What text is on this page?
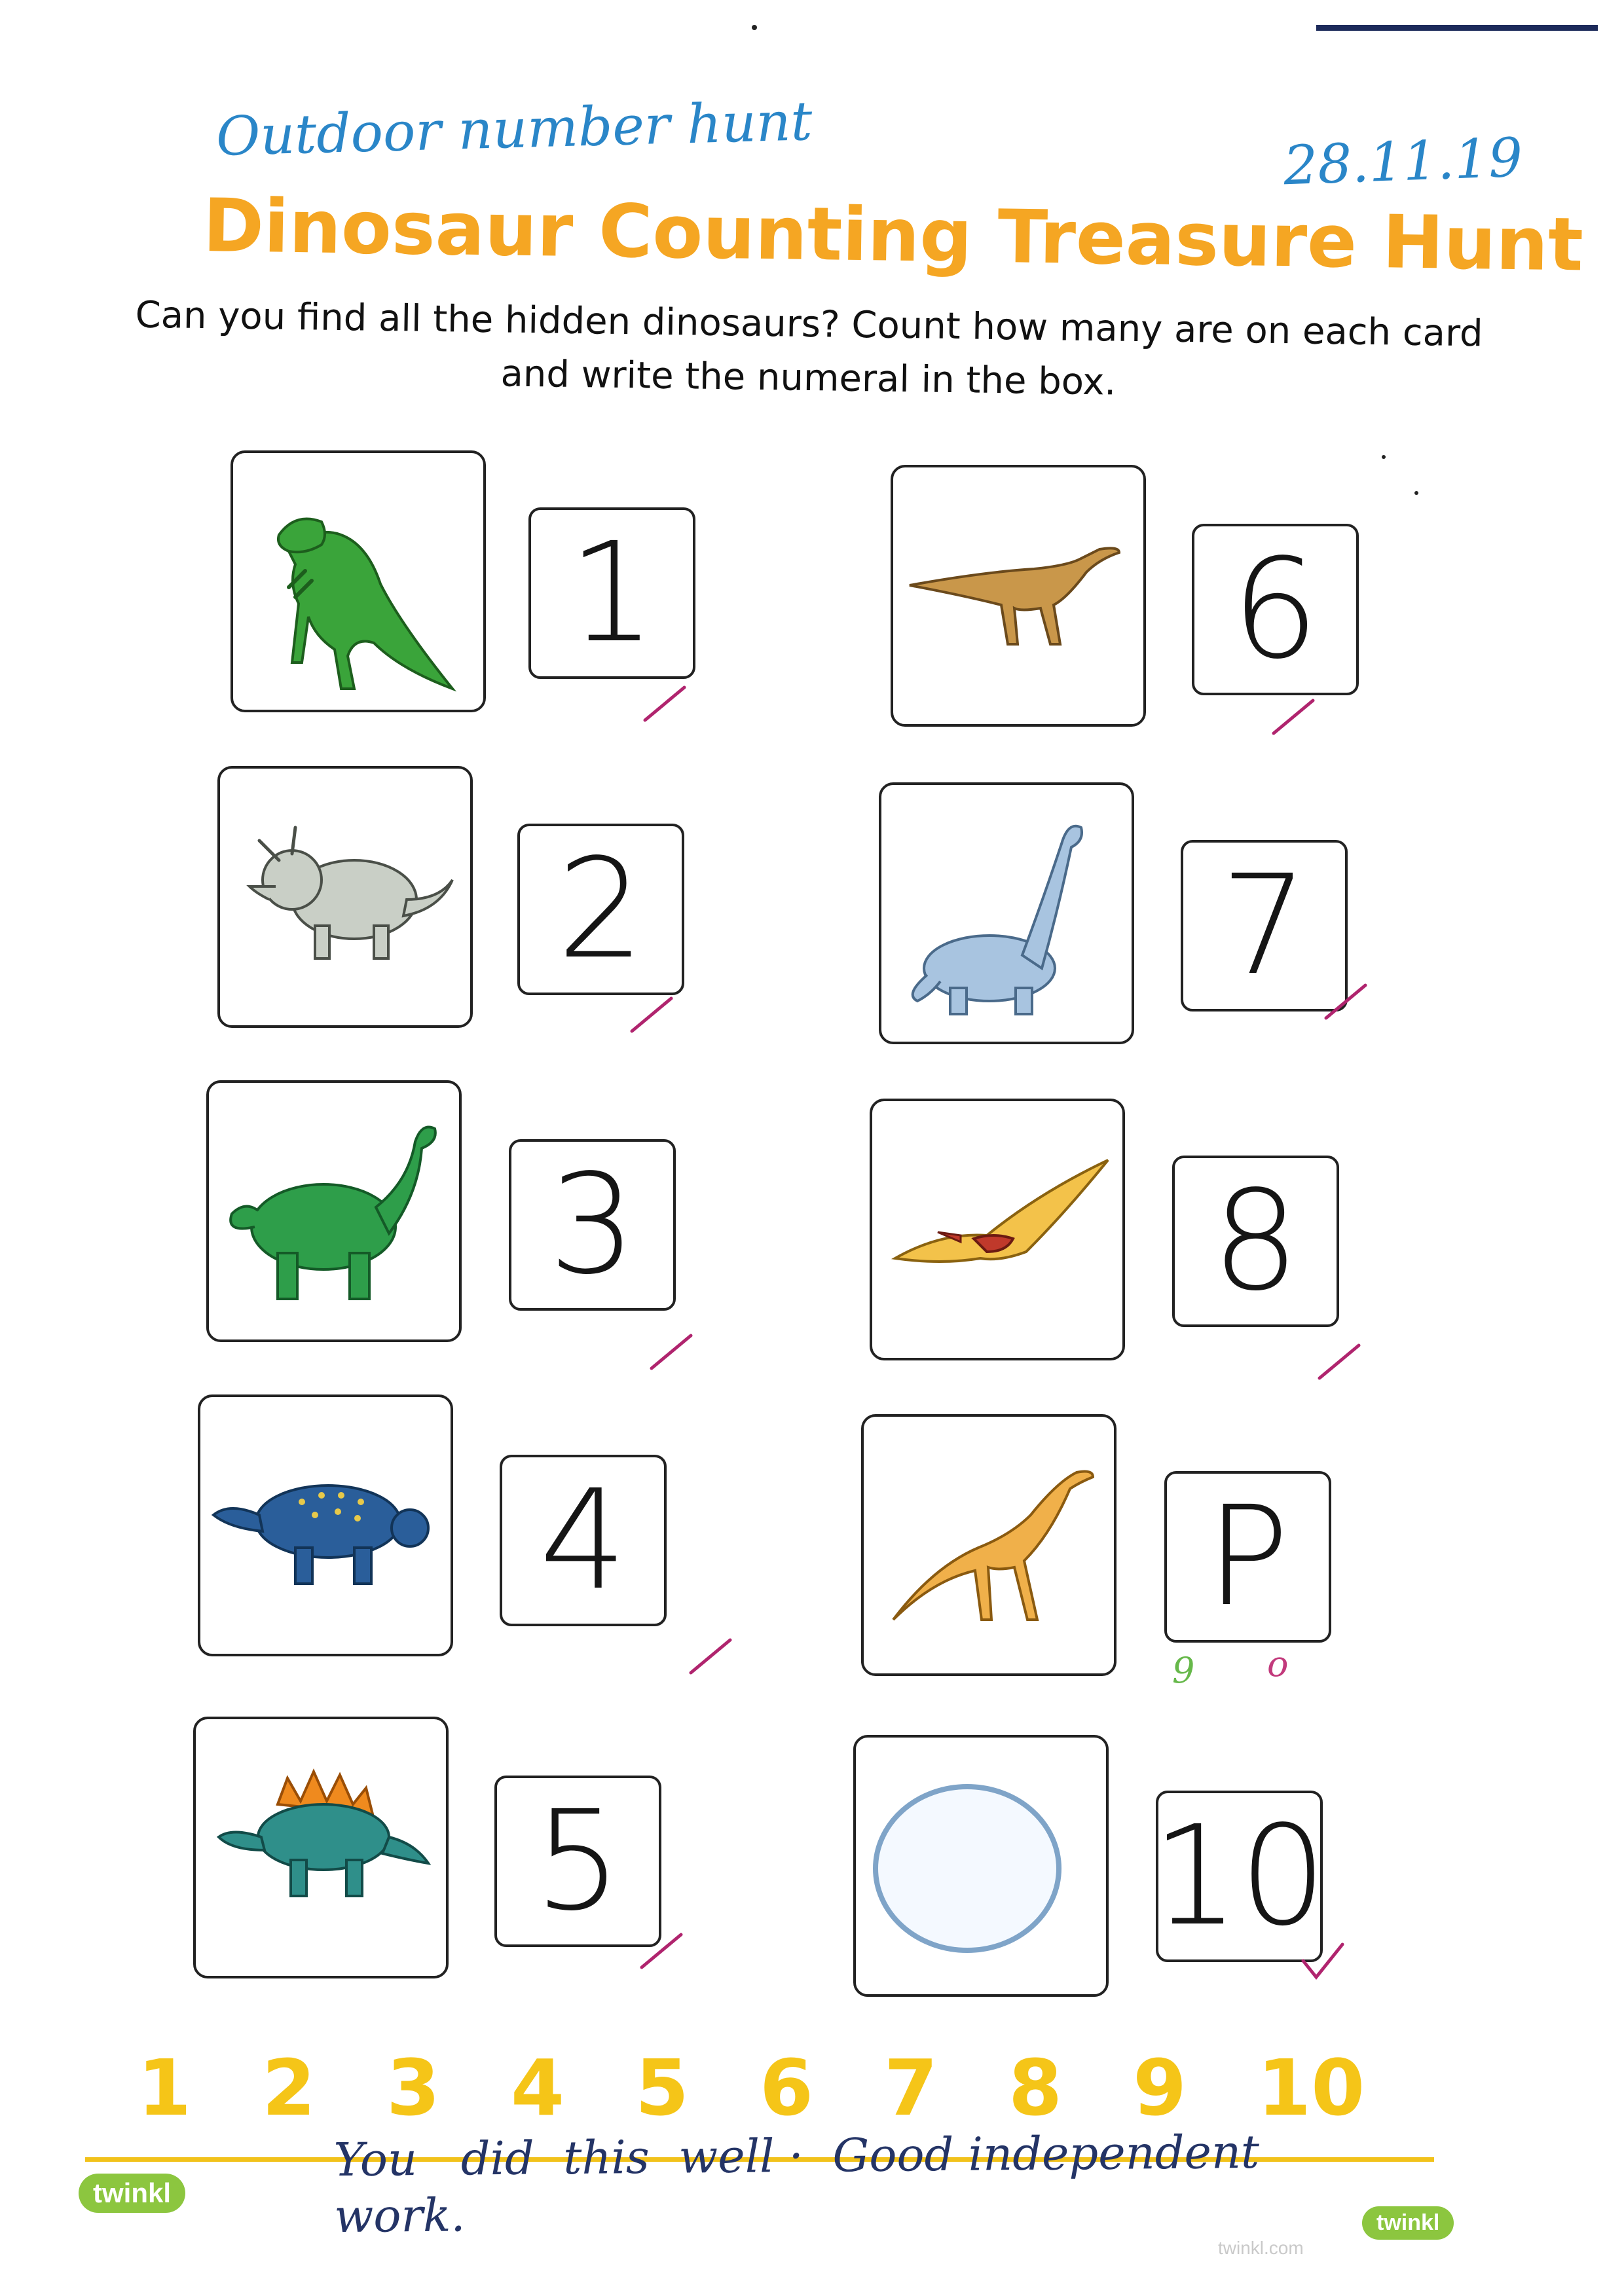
Outdoor number hunt	28.11.19
Dinosaur Counting Treasure Hunt

Can you find all the hidden dinosaurs? Count how many are on each card and write the numeral in the box.

1
2
3
4
5
6
7
8
P
10
9 o
1 2 3 4 5 6 7 8 9 10
You   did  this  well ·  Good independent
work.
twinkl
twinkl
twinkl.com
